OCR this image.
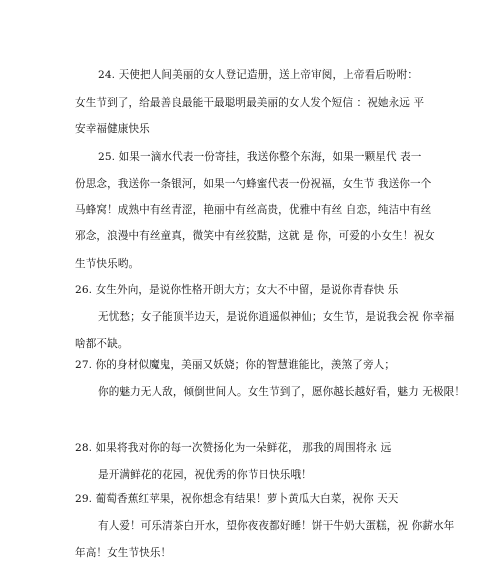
24. 天使把人间美丽的女人登记造册，送上帝审阅，上帝看后吩咐：
女生节到了，给最善良最能干最聪明最美丽的女人发个短信 ：祝她永远 平
安幸福健康快乐
25. 如果一滴水代表一份寄挂，我送你整个东海，如果一颗星代 表一
份思念，我送你一条银河，如果一勺蜂蜜代表一份祝福，女生节 我送你一个
马蜂窝！成熟中有丝青涩，艳丽中有丝高贵，优雅中有丝 自恋，纯洁中有丝
邪念，浪漫中有丝童真，微笑中有丝狡黠，这就 是 你，可爱的小女生！祝女
生节快乐哟。
26. 女生外向，是说你性格开朗大方；女大不中留，是说你青春快 乐
无忧愁；女子能顶半边天，是说你逍遥似神仙；女生节，是说我会祝 你幸福
啥都不缺。
27. 你的身材似魔鬼，美丽又妖娆；你的智慧谁能比，羡煞了旁人；
你的魅力无人敌，倾倒世间人。女生节到了，愿你越长越好看，魅力 无极限！
28. 如果将我对你的每一次赞扬化为一朵鲜花， 那我的周围将永 远
是开满鲜花的花园，祝优秀的你节日快乐哦！
29. 葡萄香蕉红苹果，祝你想念有结果！萝卜黄瓜大白菜，祝你 天天
有人爱！可乐清茶白开水，望你夜夜都好睡！饼干牛奶大蛋糕，祝 你薪水年
年高！女生节快乐！
